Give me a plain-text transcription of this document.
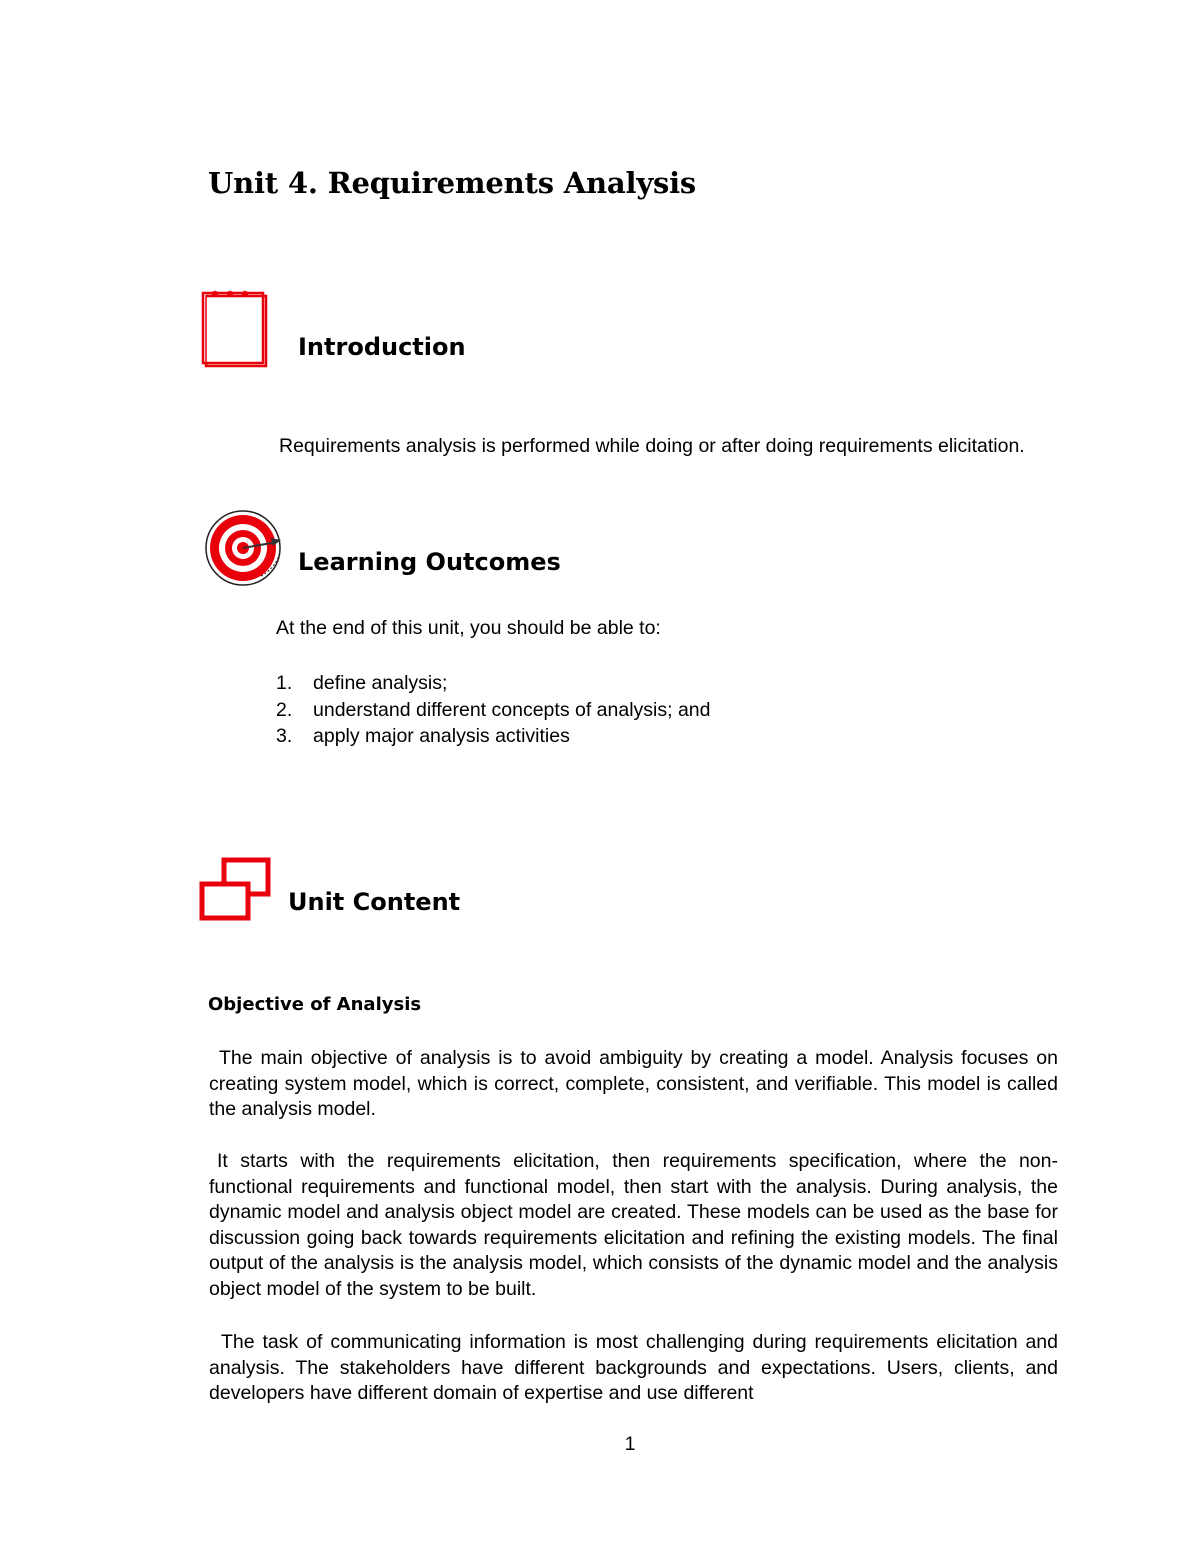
Unit 4. Requirements Analysis
Introduction

Requirements analysis is performed while doing or after doing requirements elicitation.

Learning Outcomes
At the end of this unit, you should be able to:
1. define analysis;
2. understand different concepts of analysis; and
3. apply major analysis activities
Unit Content
Objective of Analysis

The main objective of analysis is to avoid ambiguity by creating a model. Analysis focuses on creating system model, which is correct, complete, consistent, and verifiable. This model is called the analysis model.

It starts with the requirements elicitation, then requirements specification, where the non-functional requirements and functional model, then start with the analysis. During analysis, the dynamic model and analysis object model are created. These models can be used as the base for discussion going back towards requirements elicitation and refining the existing models. The final output of the analysis is the analysis model, which consists of the dynamic model and the analysis object model of the system to be built.

The task of communicating information is most challenging during requirements elicitation and analysis. The stakeholders have different backgrounds and expectations. Users, clients, and developers have different domain of expertise and use different

1
